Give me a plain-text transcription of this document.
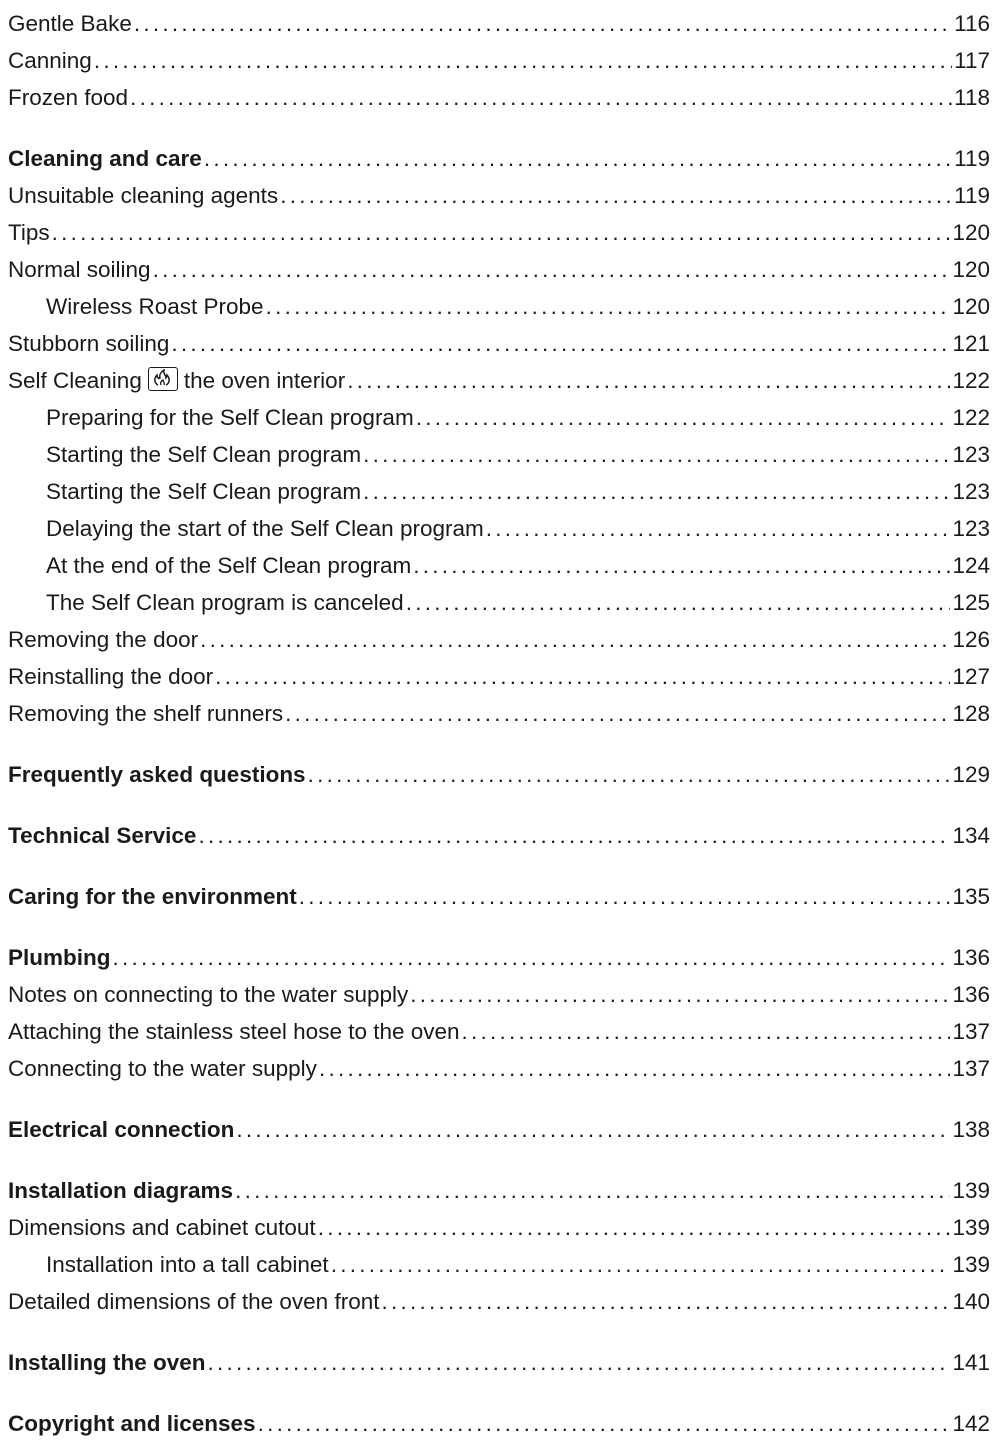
Gentle Bake . . .	116
Canning . . .	117
Frozen food . . .	118
Cleaning and care . . .	119
Unsuitable cleaning agents . . .	119
Tips . . .	120
Normal soiling . . .	120
Wireless Roast Probe . . .	120
Stubborn soiling . . .	121
Self Cleaning the oven interior . . .	122
Preparing for the Self Clean program . . .	122
Starting the Self Clean program . . .	123
Starting the Self Clean program . . .	123
Delaying the start of the Self Clean program . . .	123
At the end of the Self Clean program . . .	124
The Self Clean program is canceled . . .	125
Removing the door . . .	126
Reinstalling the door . . .	127
Removing the shelf runners . . .	128
Frequently asked questions . . .	129
Technical Service . . .	134
Caring for the environment . . .	135
Plumbing . . .	136
Notes on connecting to the water supply . . .	136
Attaching the stainless steel hose to the oven . . .	137
Connecting to the water supply . . .	137
Electrical connection . . .	138
Installation diagrams . . .	139
Dimensions and cabinet cutout . . .	139
Installation into a tall cabinet . . .	139
Detailed dimensions of the oven front . . .	140
Installing the oven . . .	141
Copyright and licenses . . .	142
